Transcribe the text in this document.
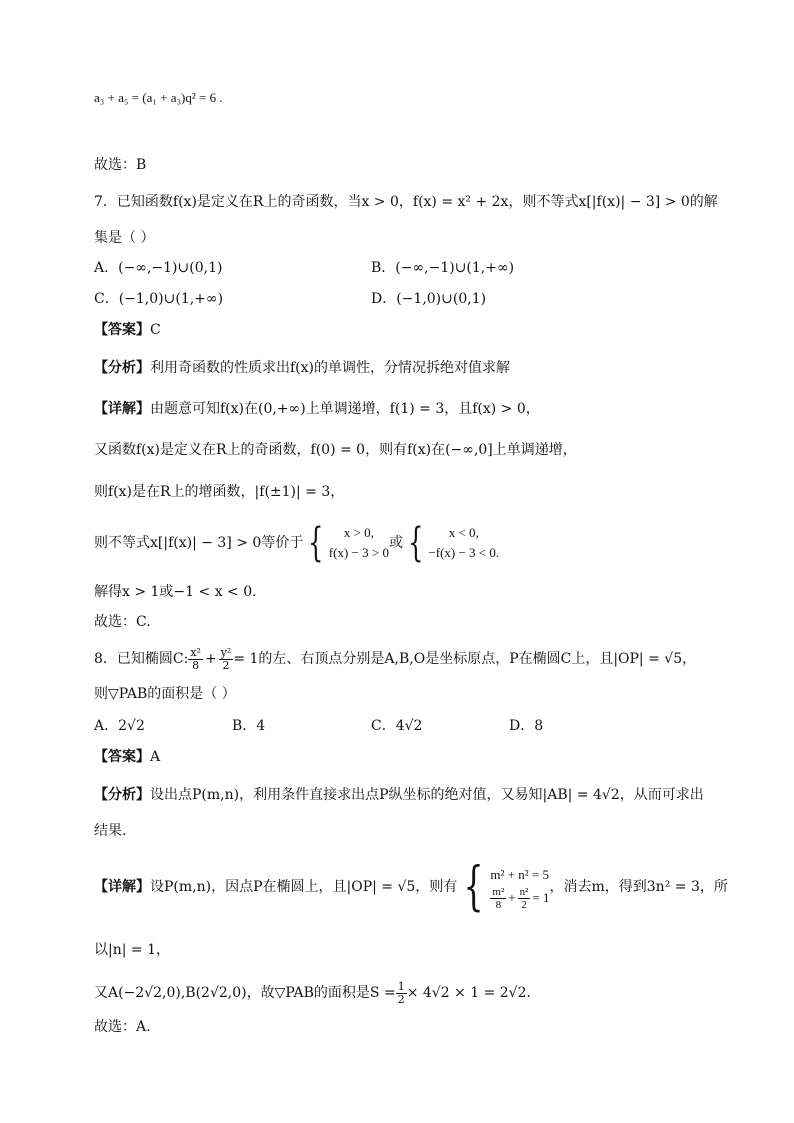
a₃ + a₅ = (a₁ + a₃)q² = 6 .
故选：B
7．已知函数f(x)是定义在R上的奇函数，当x > 0，f(x) = x² + 2x，则不等式x[|f(x)| − 3] > 0的解
集是（ ）
A．(−∞,−1)∪(0,1)	B．(−∞,−1)∪(1,+∞)
C．(−1,0)∪(1,+∞)	D．(−1,0)∪(0,1)
【答案】C
【分析】利用奇函数的性质求出f(x)的单调性，分情况拆绝对值求解
【详解】由题意可知f(x)在(0,+∞)上单调递增，f(1) = 3，且f(x) > 0，
又函数f(x)是定义在R上的奇函数，f(0) = 0，则有f(x)在(−∞,0]上单调递增，
则f(x)是在R上的增函数，|f(±1)| = 3，
则不等式x[|f(x)| − 3] > 0等价于 {	x > 0,
f(x) − 3 > 0
或 {	x < 0,
−f(x) − 3 < 0.
解得x > 1或−1 < x < 0．
故选：C.
8．已知椭圆C: $\frac{\text{x²}}{8} + \frac{\text{y²}}{2} = 1$的左、右顶点分别是A,B,O是坐标原点，P在椭圆C上，且|OP| = √5，
则▽PAB的面积是（ ）
A．2√2	B．4	C．4√2	D．8
【答案】A
【分析】设出点P(m,n)，利用条件直接求出点P纵坐标的绝对值，又易知|AB| = 4√2，从而可求出
结果.
【详解】设P(m,n)，因点P在椭圆上，且|OP| = √5，则有 { m² + n² = 5
$\frac{\text{m²}}{8} + \frac{\text{n²}}{2} = 1$
，消去m，得到3n² = 3，所
以|n| = 1，
又A(−2√2,0),B(2√2,0)，故▽PAB的面积是$S = \frac{1}{2} \times 4√2 \times 1 = 2√2$．
故选：A.
